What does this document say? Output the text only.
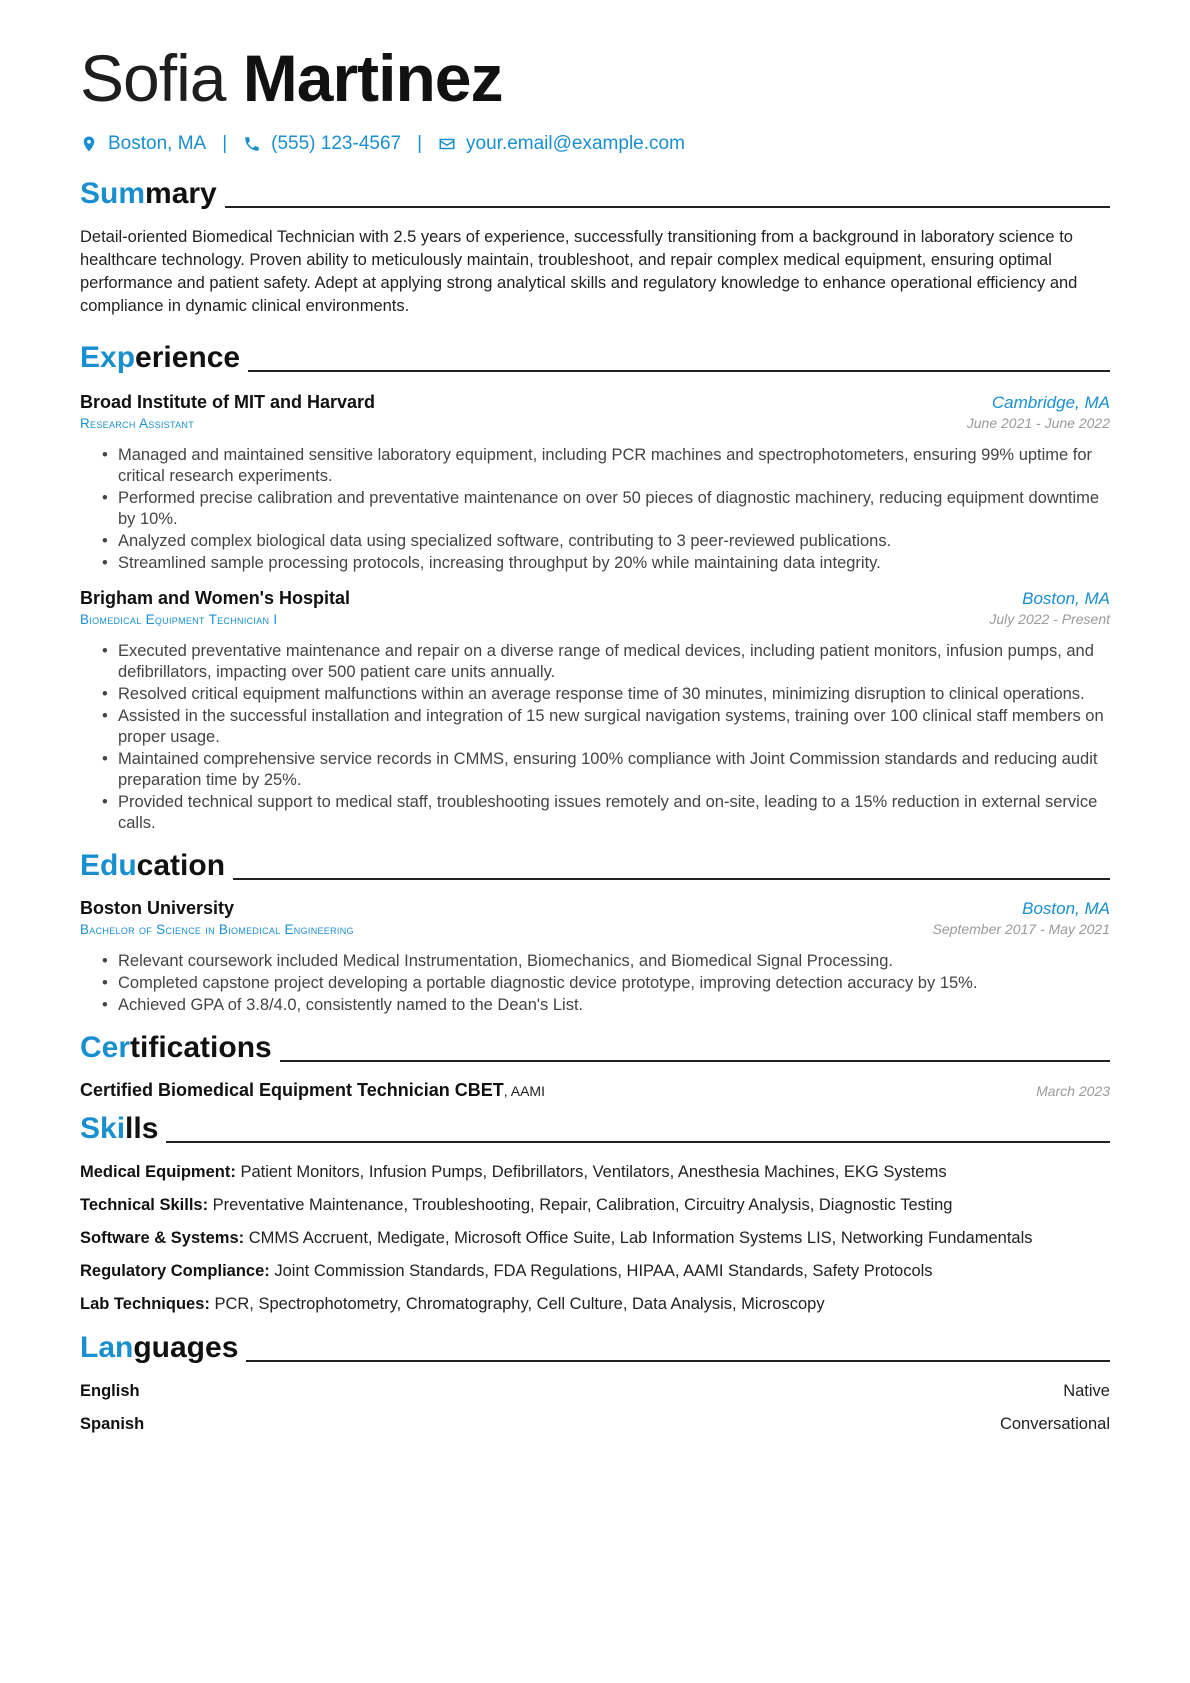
Sofia Martinez
Boston, MA | (555) 123-4567 | your.email@example.com
Summary
Detail-oriented Biomedical Technician with 2.5 years of experience, successfully transitioning from a background in laboratory science to healthcare technology. Proven ability to meticulously maintain, troubleshoot, and repair complex medical equipment, ensuring optimal performance and patient safety. Adept at applying strong analytical skills and regulatory knowledge to enhance operational efficiency and compliance in dynamic clinical environments.
Experience
Broad Institute of MIT and Harvard	Cambridge, MA
Research Assistant	June 2021 - June 2022
• Managed and maintained sensitive laboratory equipment, including PCR machines and spectrophotometers, ensuring 99% uptime for critical research experiments.
• Performed precise calibration and preventative maintenance on over 50 pieces of diagnostic machinery, reducing equipment downtime by 10%.
• Analyzed complex biological data using specialized software, contributing to 3 peer-reviewed publications.
• Streamlined sample processing protocols, increasing throughput by 20% while maintaining data integrity.
Brigham and Women's Hospital	Boston, MA
Biomedical Equipment Technician I	July 2022 - Present
• Executed preventative maintenance and repair on a diverse range of medical devices, including patient monitors, infusion pumps, and defibrillators, impacting over 500 patient care units annually.
• Resolved critical equipment malfunctions within an average response time of 30 minutes, minimizing disruption to clinical operations.
• Assisted in the successful installation and integration of 15 new surgical navigation systems, training over 100 clinical staff members on proper usage.
• Maintained comprehensive service records in CMMS, ensuring 100% compliance with Joint Commission standards and reducing audit preparation time by 25%.
• Provided technical support to medical staff, troubleshooting issues remotely and on-site, leading to a 15% reduction in external service calls.
Education
Boston University	Boston, MA
Bachelor of Science in Biomedical Engineering	September 2017 - May 2021
• Relevant coursework included Medical Instrumentation, Biomechanics, and Biomedical Signal Processing.
• Completed capstone project developing a portable diagnostic device prototype, improving detection accuracy by 15%.
• Achieved GPA of 3.8/4.0, consistently named to the Dean's List.
Certifications
Certified Biomedical Equipment Technician CBET, AAMI	March 2023
Skills
Medical Equipment: Patient Monitors, Infusion Pumps, Defibrillators, Ventilators, Anesthesia Machines, EKG Systems
Technical Skills: Preventative Maintenance, Troubleshooting, Repair, Calibration, Circuitry Analysis, Diagnostic Testing
Software & Systems: CMMS Accruent, Medigate, Microsoft Office Suite, Lab Information Systems LIS, Networking Fundamentals
Regulatory Compliance: Joint Commission Standards, FDA Regulations, HIPAA, AAMI Standards, Safety Protocols
Lab Techniques: PCR, Spectrophotometry, Chromatography, Cell Culture, Data Analysis, Microscopy
Languages
English	Native
Spanish	Conversational
